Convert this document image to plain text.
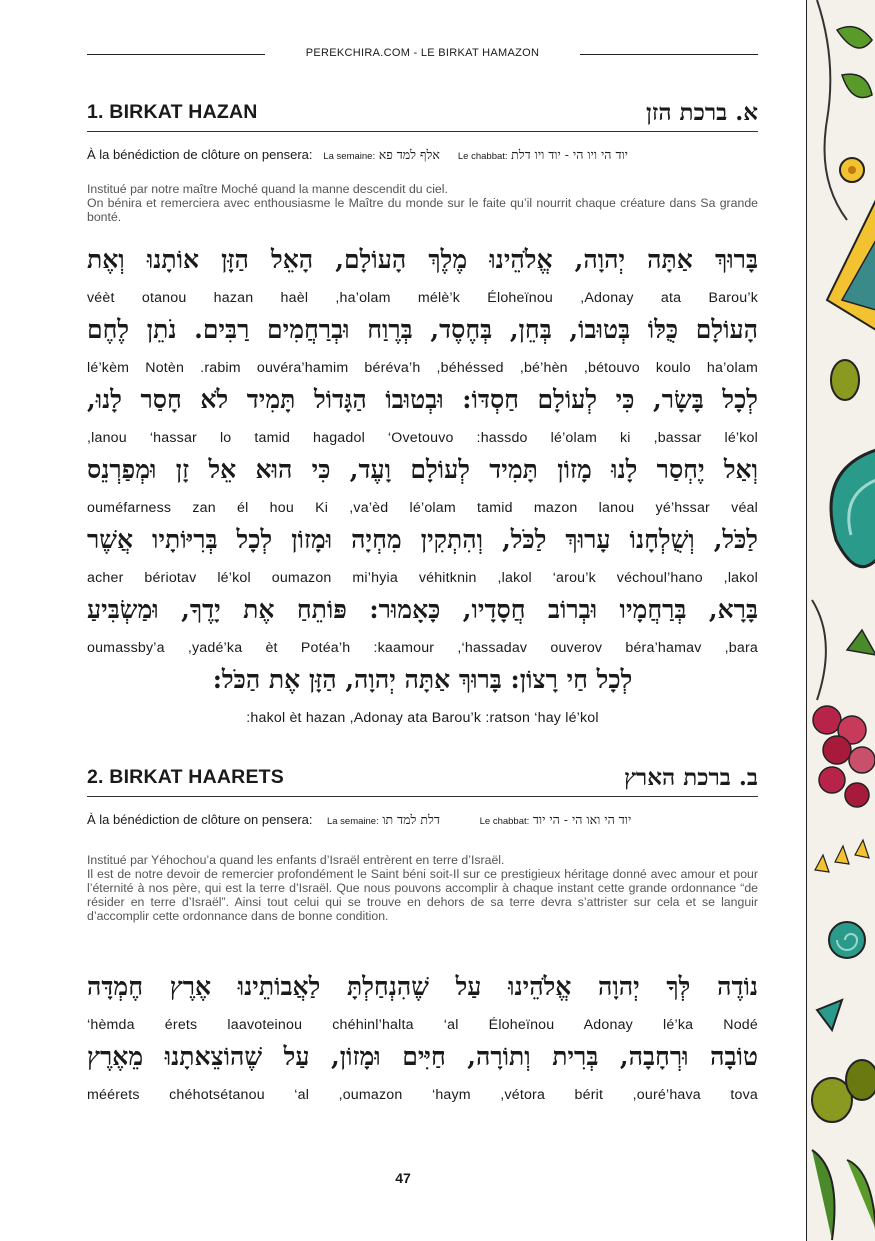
PEREKCHIRA.COM - LE BIRKAT HAMAZON
1. BIRKAT HAZAN	א. ברכת הזן
À la bénédiction de clôture on pensera: La semaine: אלף למד פא Le chabbat: יוד הי ויו הי - יוד ויו דלת
Institué par notre maître Moché quand la manne descendit du ciel.
On bénira et remerciera avec enthousiasme le Maître du monde sur le faite qu’il nourrit chaque créature dans Sa grande bonté.
בָּרוּךְ אַתָּה יְהוָה, אֱלֹהֵינוּ מֶלֶךְ הָעוֹלָם, הָאֵל הַזָּן אוֹתָנוּ וְאֶת
véèt otanou hazan haèl ,ha’olam mélè’k Éloheïnou ,Adonay ata Barou’k
הָעוֹלָם כֻּלּוֹ בְּטוּבוֹ, בְּחֵן, בְּחֶסֶד, בְּרֶוַח וּבְרַחֲמִים רַבִּים. נֹתֵן לֶחֶם
lé’kèm Notèn .rabim ouvéra’hamim béréva’h ,béhéssed ,bé’hèn ,bétouvo koulo ha’olam
לְכָל בָּשָׂר, כִּי לְעוֹלָם חַסְדּוֹ: וּבְטוּבוֹ הַגָּדוֹל תָּמִיד לֹא חָסַר לָנוּ,
,lanou ‘hassar lo tamid hagadol ‘Ovetouvo :hassdo lé’olam ki ,bassar lé’kol
וְאַל יֶחְסַר לָנוּ מָזוֹן תָּמִיד לְעוֹלָם וָעֶד, כִּי הוּא אֵל זָן וּמְפַרְנֵס
ouméfarness zan él hou Ki ,va’èd lé’olam tamid mazon lanou yé’hssar véal
לַכֹּל, וְשֻׁלְחָנוֹ עָרוּךְ לַכֹּל, וְהִתְקִין מִחְיָה וּמָזוֹן לְכָל בְּרִיּוֹתָיו אֲשֶׁר
acher bériotav lé’kol oumazon mi’hyia véhitknin ,lakol ‘arou’k véchoul’hano ,lakol
בָּרָא, בְּרַחֲמָיו וּבְרוֹב חֲסָדָיו, כָּאָמוּר: פּוֹתֵחַ אֶת יָדֶךָ, וּמַשְׂבִּיעַ
oumassby’a ,yadé’ka èt Potéa’h :kaamour ,‘hassadav ouverov béra’hamav ,bara
לְכָל חַי רָצוֹן: בָּרוּךְ אַתָּה יְהוָה, הַזָּן אֶת הַכֹּל:
:hakol èt hazan ,Adonay ata Barou’k :ratson ‘hay lé’kol
2. BIRKAT HAARETS	ב. ברכת הארץ
À la bénédiction de clôture on pensera: La semaine: דלת למד תו	Le chabbat: יוד הי ואו הי - הי יוד
Institué par Yéhochou’a quand les enfants d’Israël entrèrent en terre d’Israël.
Il est de notre devoir de remercier profondément le Saint béni soit-Il sur ce prestigieux héritage donné avec amour et pour l’éternité à nos père, qui est la terre d’Israël. Que nous pouvons accomplir à chaque instant cette grande ordonnance “de résider en terre d’Israël”. Ainsi tout celui qui se trouve en dehors de sa terre devra s’attrister sur cela et se languir d’accomplir cette ordonnance dans de bonne condition.
נוֹדֶה לְּךָ יְהוָה אֱלֹהֵינוּ עַל שֶׁהִנְחַלְתָּ לַאֲבוֹתֵינוּ אֶרֶץ חֶמְדָּה
‘hèmda érets laavoteinou chéhinl’halta ‘al Éloheïnou Adonay lé’ka Nodé
טוֹבָה וּרְחָבָה, בְּרִית וְתוֹרָה, חַיִּים וּמָזוֹן, עַל שֶׁהוֹצֵאתָנוּ מֵאֶרֶץ
méérets chéhotsétanou ‘al ,oumazon ‘haym ,vétora bérit ,ouré’hava tova
47
